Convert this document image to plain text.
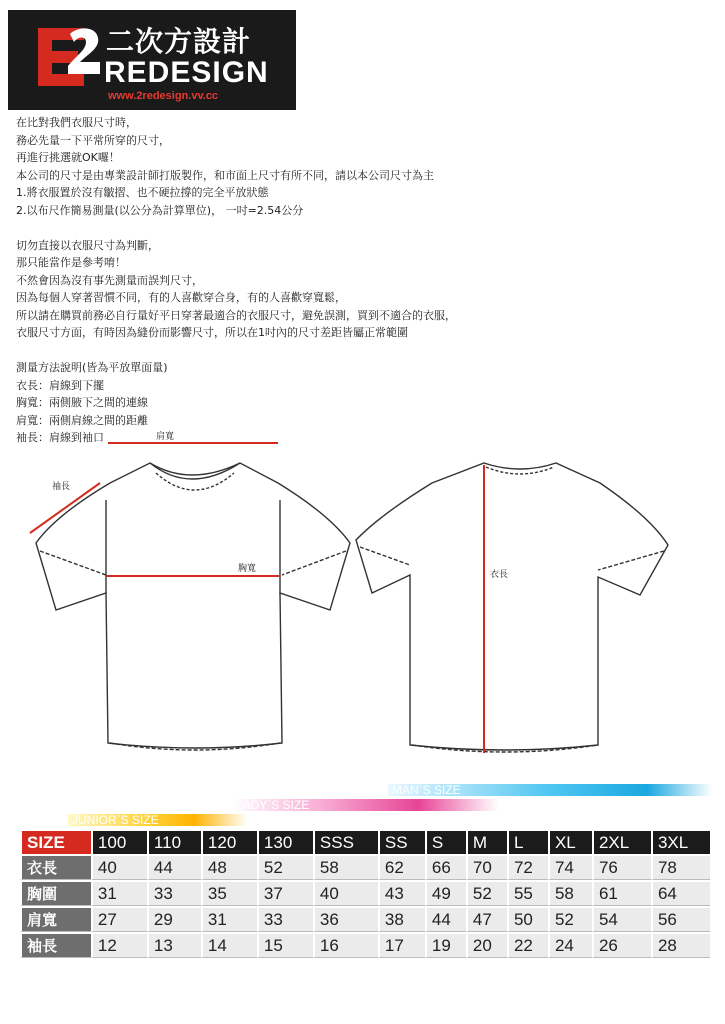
二次方設計
REDESIGN
www.2redesign.vv.cc

在比對我們衣服尺寸時，

務必先量一下平常所穿的尺寸，

再進行挑選就OK囉！

本公司的尺寸是由專業設計師打版製作，和市面上尺寸有所不同，請以本公司尺寸為主

1.將衣服置於沒有皺摺、也不硬拉撐的完全平放狀態

2.以布尺作簡易測量(以公分為計算單位)， 一吋=2.54公分

切勿直接以衣服尺寸為判斷，

那只能當作是參考唷！

不然會因為沒有事先測量而誤判尺寸，

因為每個人穿著習慣不同，有的人喜歡穿合身，有的人喜歡穿寬鬆，

所以請在購買前務必自行量好平日穿著最適合的衣服尺寸，避免誤測，買到不適合的衣服，

衣服尺寸方面，有時因為縫份而影響尺寸，所以在1吋內的尺寸差距皆屬正常範圍

測量方法說明(皆為平放單面量)

衣長：肩線到下擺

胸寬：兩側腋下之間的連線

肩寬：兩側肩線之間的距離

袖長：肩線到袖口	肩寬
袖長
胸寬
衣長
MAN`S SIZE
LADY`S SIZE
JUNIOR`S SIZE
SIZE	100	110	120	130	SSS	SS	S	M	L	XL	2XL	3XL
衣長	40	44	48	52	58	62	66	70	72	74	76	78
胸圍	31	33	35	37	40	43	49	52	55	58	61	64
肩寬	27	29	31	33	36	38	44	47	50	52	54	56
袖長	12	13	14	15	16	17	19	20	22	24	26	28
